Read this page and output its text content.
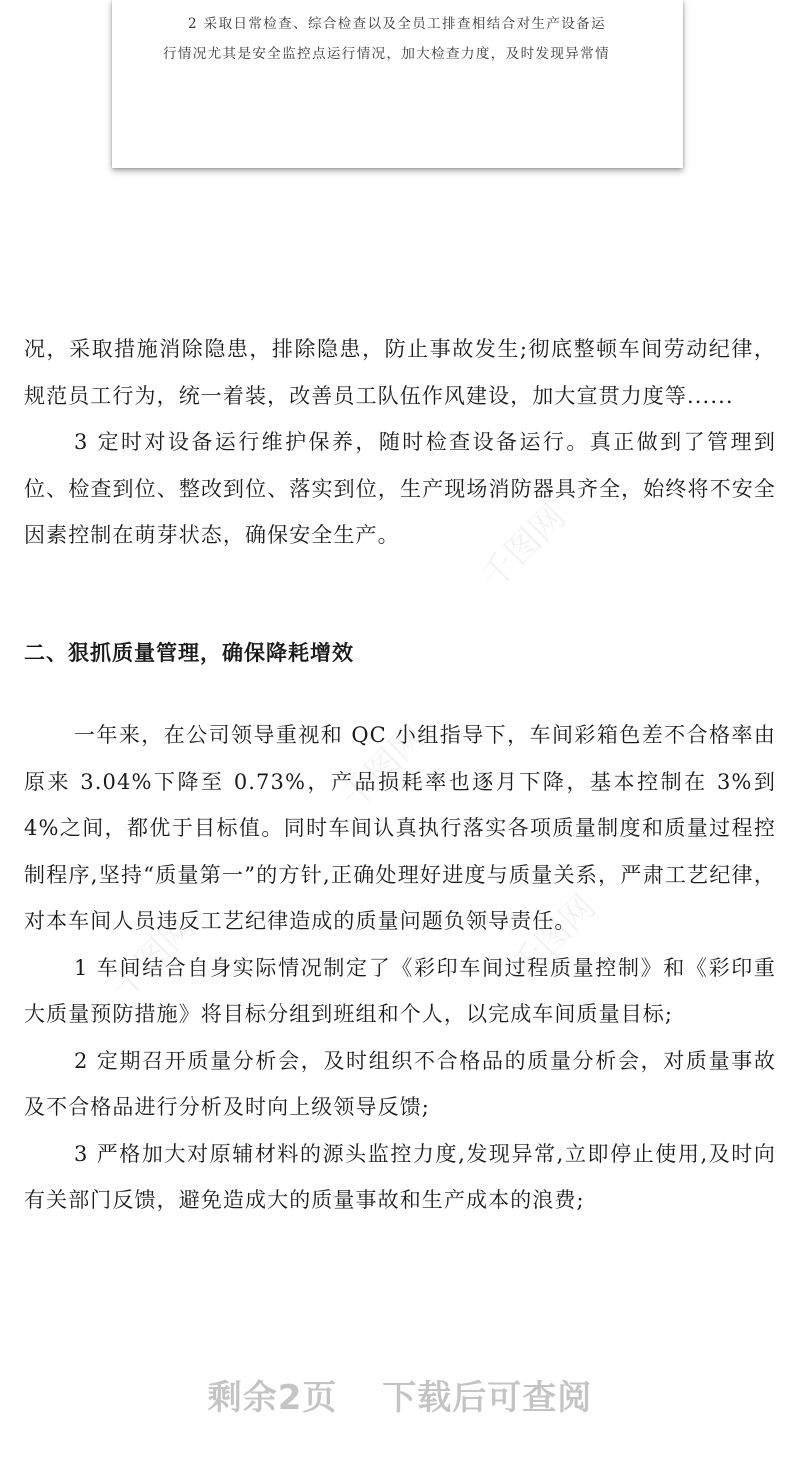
2 采取日常检查、综合检查以及全员工排查相结合对生产设备运
行情况尤其是安全监控点运行情况，加大检查力度，及时发现异常情
千图网
千图网
千图网	千图网

况，采取措施消除隐患，排除隐患，防止事故发生;彻底整顿车间劳动纪律，规范员工行为，统一着装，改善员工队伍作风建设，加大宣贯力度等......

3 定时对设备运行维护保养，随时检查设备运行。真正做到了管理到位、检查到位、整改到位、落实到位，生产现场消防器具齐全，始终将不安全因素控制在萌芽状态，确保安全生产。

二、狠抓质量管理，确保降耗增效

一年来，在公司领导重视和 QC 小组指导下，车间彩箱色差不合格率由原来 3.04%下降至 0.73%，产品损耗率也逐月下降，基本控制在 3%到 4%之间，都优于目标值。同时车间认真执行落实各项质量制度和质量过程控制程序,坚持“质量第一”的方针,正确处理好进度与质量关系，严肃工艺纪律，对本车间人员违反工艺纪律造成的质量问题负领导责任。

1 车间结合自身实际情况制定了《彩印车间过程质量控制》和《彩印重大质量预防措施》将目标分组到班组和个人，以完成车间质量目标;

2 定期召开质量分析会，及时组织不合格品的质量分析会，对质量事故及不合格品进行分析及时向上级领导反馈;

3 严格加大对原辅材料的源头监控力度,发现异常,立即停止使用,及时向有关部门反馈，避免造成大的质量事故和生产成本的浪费;

剩余2页 下载后可查阅
